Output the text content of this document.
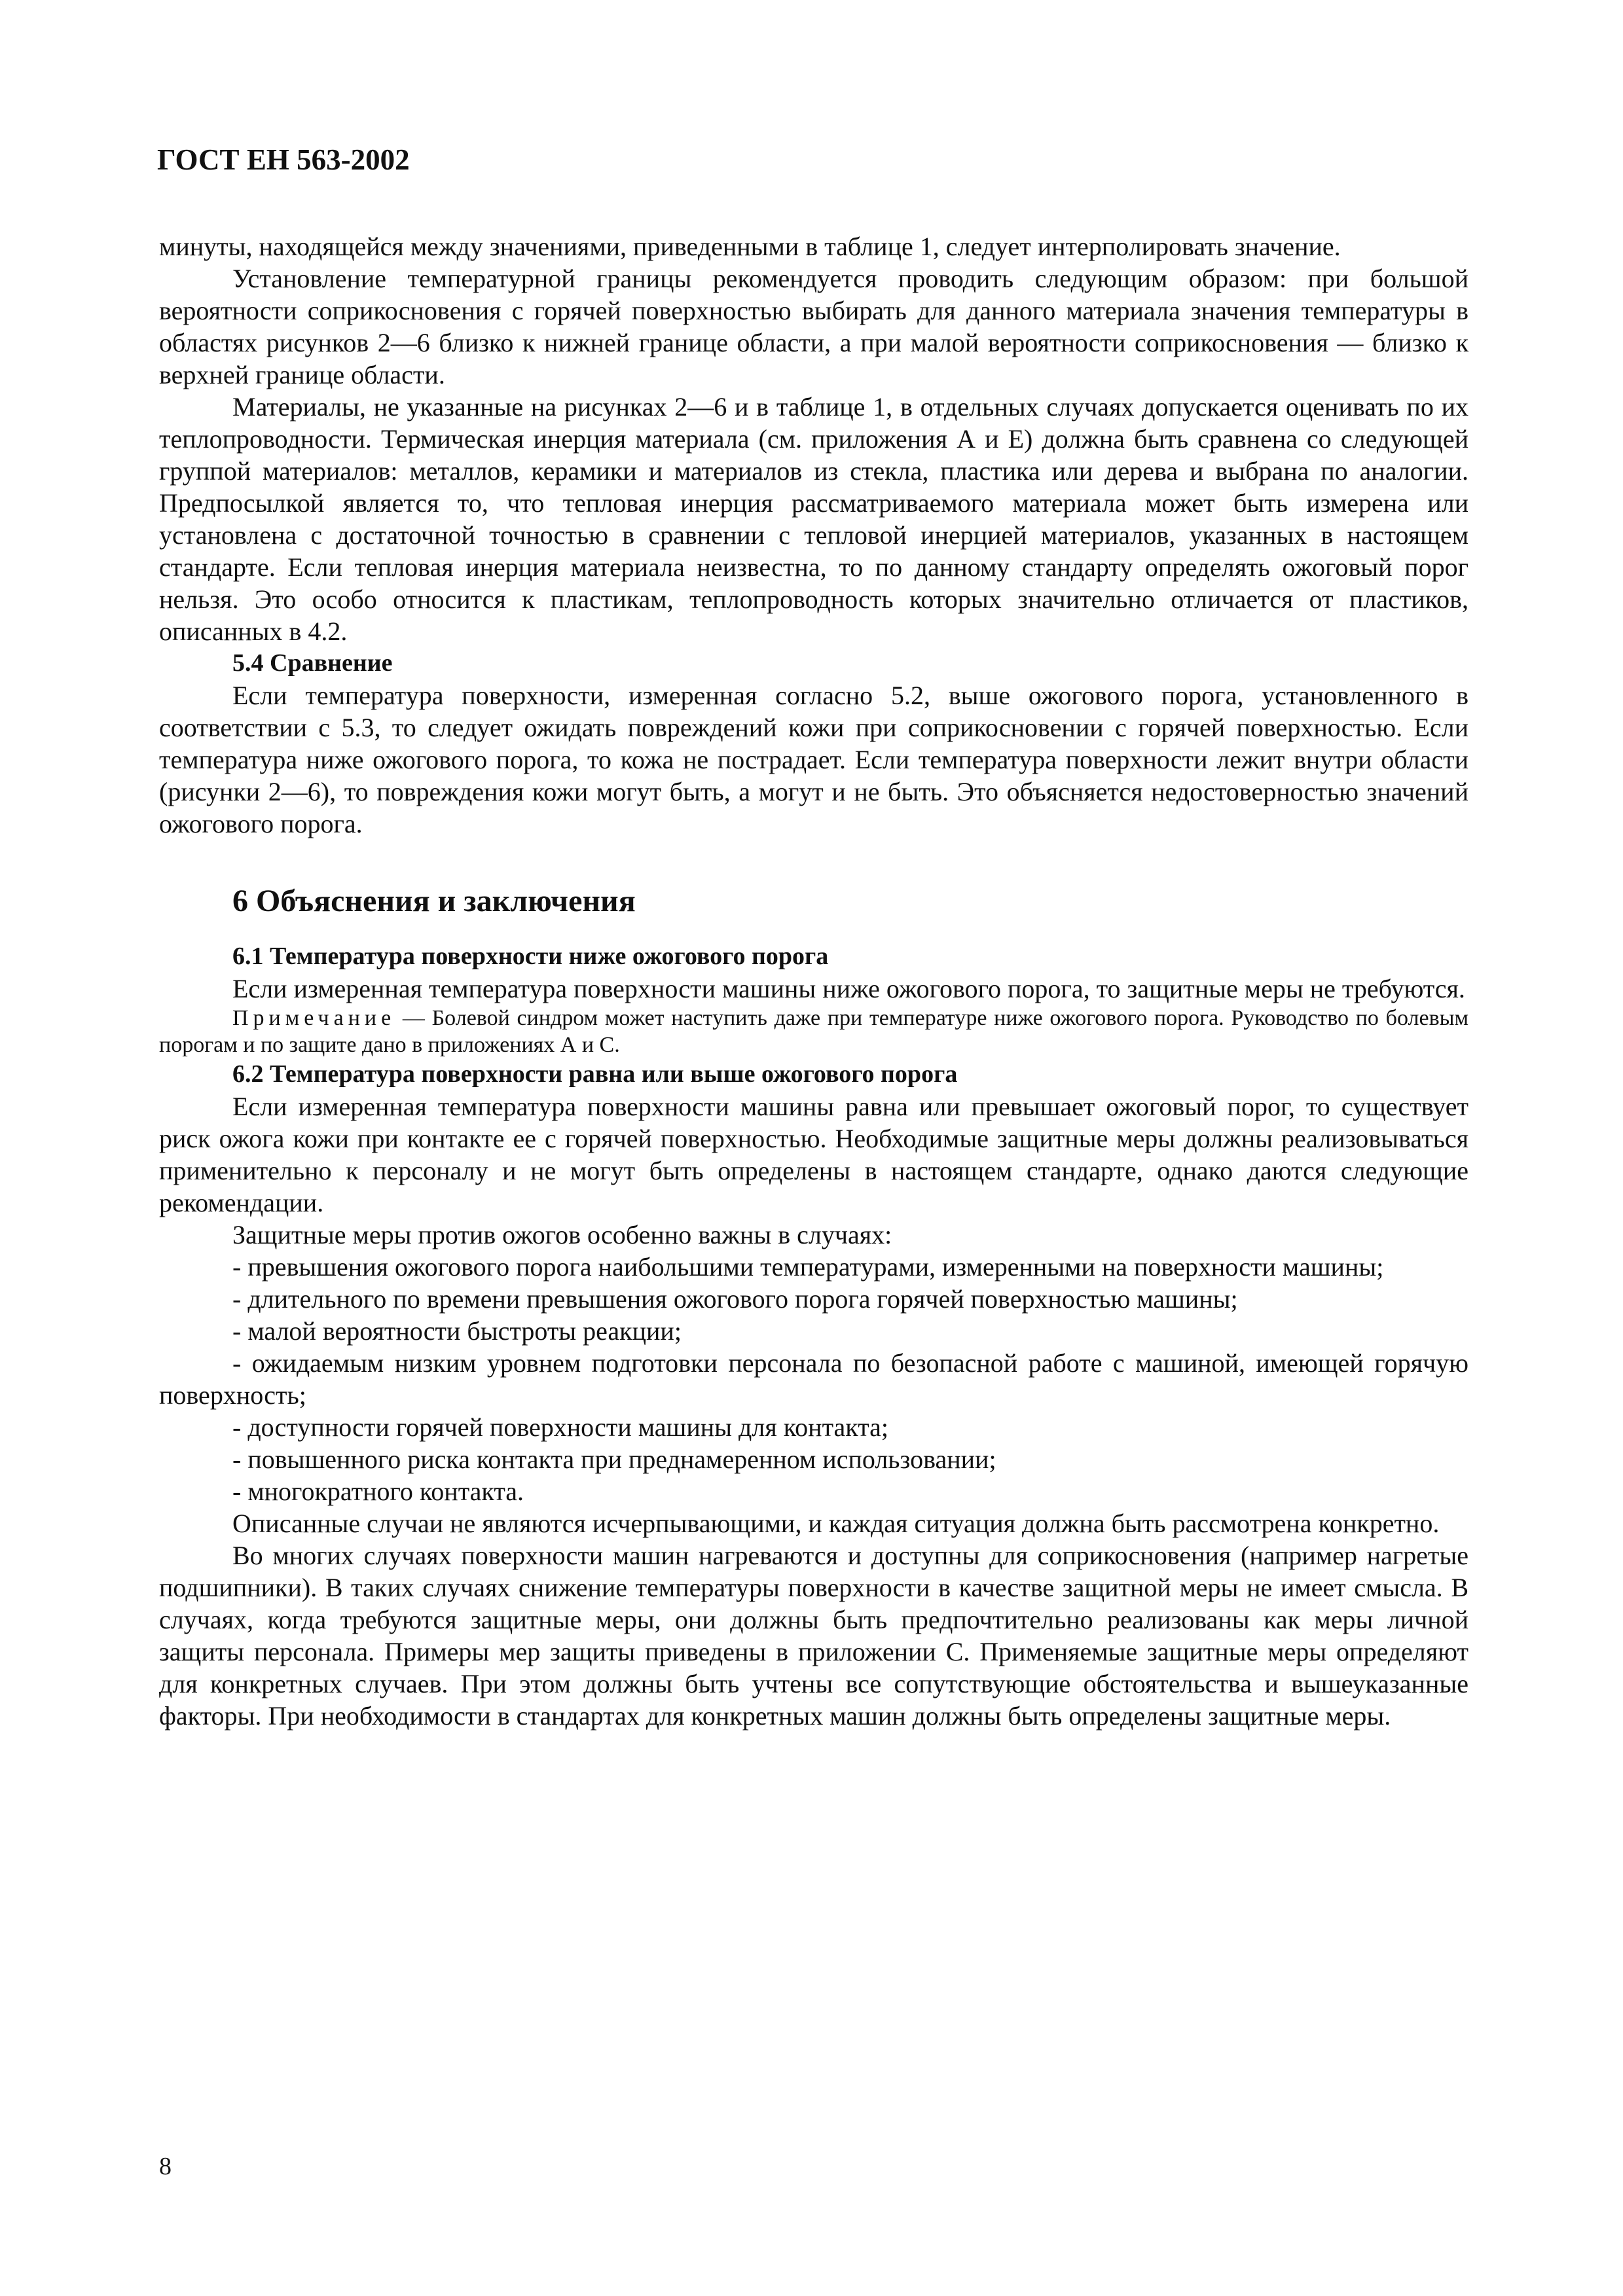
ГОСТ ЕН 563-2002

минуты, находящейся между значениями, приведенными в таблице 1, следует интерполировать значение.

Установление температурной границы рекомендуется проводить следующим образом: при большой вероятности соприкосновения с горячей поверхностью выбирать для данного материала значения температуры в областях рисунков 2—6 близко к нижней границе области, а при малой вероятности соприкосновения — близко к верхней границе области.

Материалы, не указанные на рисунках 2—6 и в таблице 1, в отдельных случаях допускается оценивать по их теплопроводности. Термическая инерция материала (см. приложения А и Е) должна быть сравнена со следующей группой материалов: металлов, керамики и материалов из стекла, пластика или дерева и выбрана по аналогии. Предпосылкой является то, что тепловая инерция рассматриваемого материала может быть измерена или установлена с достаточной точностью в сравнении с тепловой инерцией материалов, указанных в настоящем стандарте. Если тепловая инерция материала неизвестна, то по данному стандарту определять ожоговый порог нельзя. Это особо относится к пластикам, теплопроводность которых значительно отличается от пластиков, описанных в 4.2.

5.4 Сравнение

Если температура поверхности, измеренная согласно 5.2, выше ожогового порога, установленного в соответствии с 5.3, то следует ожидать повреждений кожи при соприкосновении с горячей поверхностью. Если температура ниже ожогового порога, то кожа не пострадает. Если температура поверхности лежит внутри области (рисунки 2—6), то повреждения кожи могут быть, а могут и не быть. Это объясняется недостоверностью значений ожогового порога.

6 Объяснения и заключения
6.1 Температура поверхности ниже ожогового порога

Если измеренная температура поверхности машины ниже ожогового порога, то защитные меры не требуются.

Примечание — Болевой синдром может наступить даже при температуре ниже ожогового порога. Руководство по болевым порогам и по защите дано в приложениях А и С.

6.2 Температура поверхности равна или выше ожогового порога

Если измеренная температура поверхности машины равна или превышает ожоговый порог, то существует риск ожога кожи при контакте ее с горячей поверхностью. Необходимые защитные меры должны реализовываться применительно к персоналу и не могут быть определены в настоящем стандарте, однако даются следующие рекомендации.

Защитные меры против ожогов особенно важны в случаях:

- превышения ожогового порога наибольшими температурами, измеренными на поверхности машины;

- длительного по времени превышения ожогового порога горячей поверхностью машины;

- малой вероятности быстроты реакции;

- ожидаемым низким уровнем подготовки персонала по безопасной работе с машиной, имеющей горячую поверхность;

- доступности горячей поверхности машины для контакта;

- повышенного риска контакта при преднамеренном использовании;

- многократного контакта.

Описанные случаи не являются исчерпывающими, и каждая ситуация должна быть рассмотрена конкретно.

Во многих случаях поверхности машин нагреваются и доступны для соприкосновения (например нагретые подшипники). В таких случаях снижение температуры поверхности в качестве защитной меры не имеет смысла. В случаях, когда требуются защитные меры, они должны быть предпочтительно реализованы как меры личной защиты персонала. Примеры мер защиты приведены в приложении С. Применяемые защитные меры определяют для конкретных случаев. При этом должны быть учтены все сопутствующие обстоятельства и вышеуказанные факторы. При необходимости в стандартах для конкретных машин должны быть определены защитные меры.

8
